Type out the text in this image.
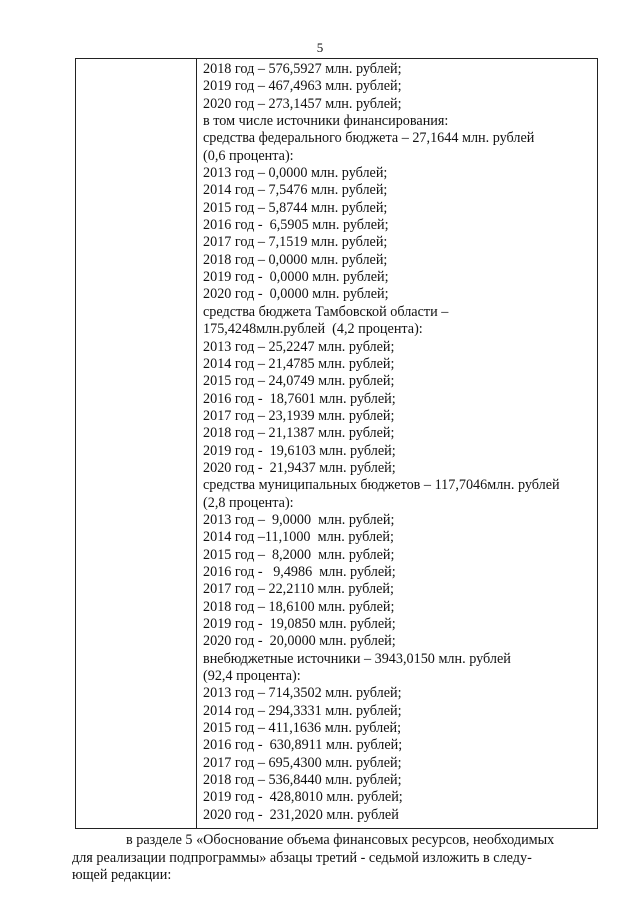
5
2018 год – 576,5927 млн. рублей;
2019 год – 467,4963 млн. рублей;
2020 год – 273,1457 млн. рублей;
в том числе источники финансирования:
средства федерального бюджета – 27,1644 млн. рублей
(0,6 процента):
2013 год – 0,0000 млн. рублей;
2014 год – 7,5476 млн. рублей;
2015 год – 5,8744 млн. рублей;
2016 год -  6,5905 млн. рублей;
2017 год – 7,1519 млн. рублей;
2018 год – 0,0000 млн. рублей;
2019 год -  0,0000 млн. рублей;
2020 год -  0,0000 млн. рублей;
средства бюджета Тамбовской области –
175,4248млн.рублей  (4,2 процента):
2013 год – 25,2247 млн. рублей;
2014 год – 21,4785 млн. рублей;
2015 год – 24,0749 млн. рублей;
2016 год -  18,7601 млн. рублей;
2017 год – 23,1939 млн. рублей;
2018 год – 21,1387 млн. рублей;
2019 год -  19,6103 млн. рублей;
2020 год -  21,9437 млн. рублей;
средства муниципальных бюджетов – 117,7046млн. рублей
(2,8 процента):
2013 год –  9,0000  млн. рублей;
2014 год –11,1000  млн. рублей;
2015 год –  8,2000  млн. рублей;
2016 год -   9,4986  млн. рублей;
2017 год – 22,2110 млн. рублей;
2018 год – 18,6100 млн. рублей;
2019 год -  19,0850 млн. рублей;
2020 год -  20,0000 млн. рублей;
внебюджетные источники – 3943,0150 млн. рублей
(92,4 процента):
2013 год – 714,3502 млн. рублей;
2014 год – 294,3331 млн. рублей;
2015 год – 411,1636 млн. рублей;
2016 год -  630,8911 млн. рублей;
2017 год – 695,4300 млн. рублей;
2018 год – 536,8440 млн. рублей;
2019 год -  428,8010 млн. рублей;
2020 год -  231,2020 млн. рублей

в разделе 5 «Обоснование объема финансовых ресурсов, необходимых

для реализации подпрограммы» абзацы третий - седьмой изложить в следу-

ющей редакции:
